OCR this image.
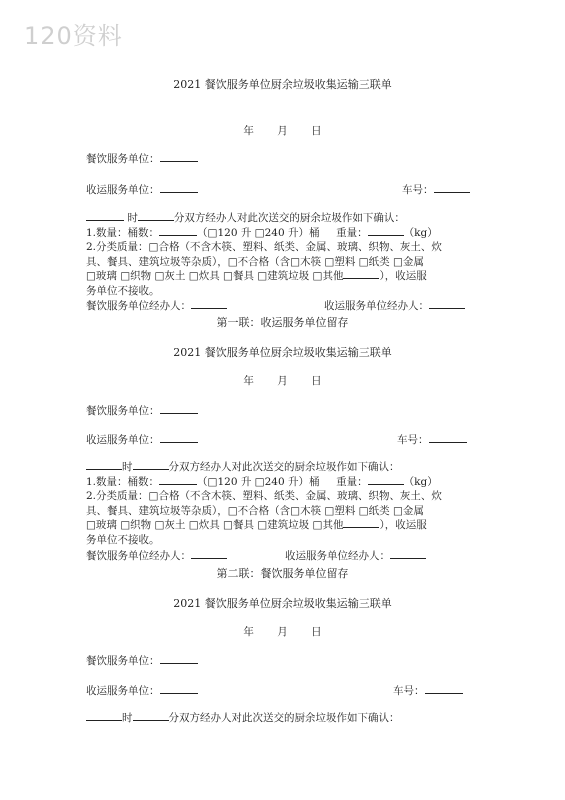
120资料
2021 餐饮服务单位厨余垃圾收集运输三联单
年 月 日
餐饮服务单位：
收运服务单位：	车号：
时	分双方经办人对此次送交的厨余垃圾作如下确认：
1.数量：桶数：	（□120 升 □240 升）桶 重量：	（kg）
2.分类质量：□合格（不含木筷、塑料、纸类、金属、玻璃、织物、灰土、炊
具、餐具、建筑垃圾等杂质），□不合格（含□木筷 □塑料 □纸类 □金属
□玻璃 □织物 □灰土 □炊具 □餐具 □建筑垃圾 □其他	），收运服
务单位不接收。
餐饮服务单位经办人：	收运服务单位经办人：
第一联：收运服务单位留存
2021 餐饮服务单位厨余垃圾收集运输三联单
年 月 日
餐饮服务单位：
收运服务单位：	车号：
时	分双方经办人对此次送交的厨余垃圾作如下确认：
1.数量：桶数：	（□120 升 □240 升）桶 重量：	（kg）
2.分类质量：□合格（不含木筷、塑料、纸类、金属、玻璃、织物、灰土、炊
具、餐具、建筑垃圾等杂质），□不合格（含□木筷 □塑料 □纸类 □金属
□玻璃 □织物 □灰土 □炊具 □餐具 □建筑垃圾 □其他	），收运服
务单位不接收。
餐饮服务单位经办人：	收运服务单位经办人：
第二联：餐饮服务单位留存
2021 餐饮服务单位厨余垃圾收集运输三联单
年 月 日
餐饮服务单位：
收运服务单位：	车号：
时	分双方经办人对此次送交的厨余垃圾作如下确认：
